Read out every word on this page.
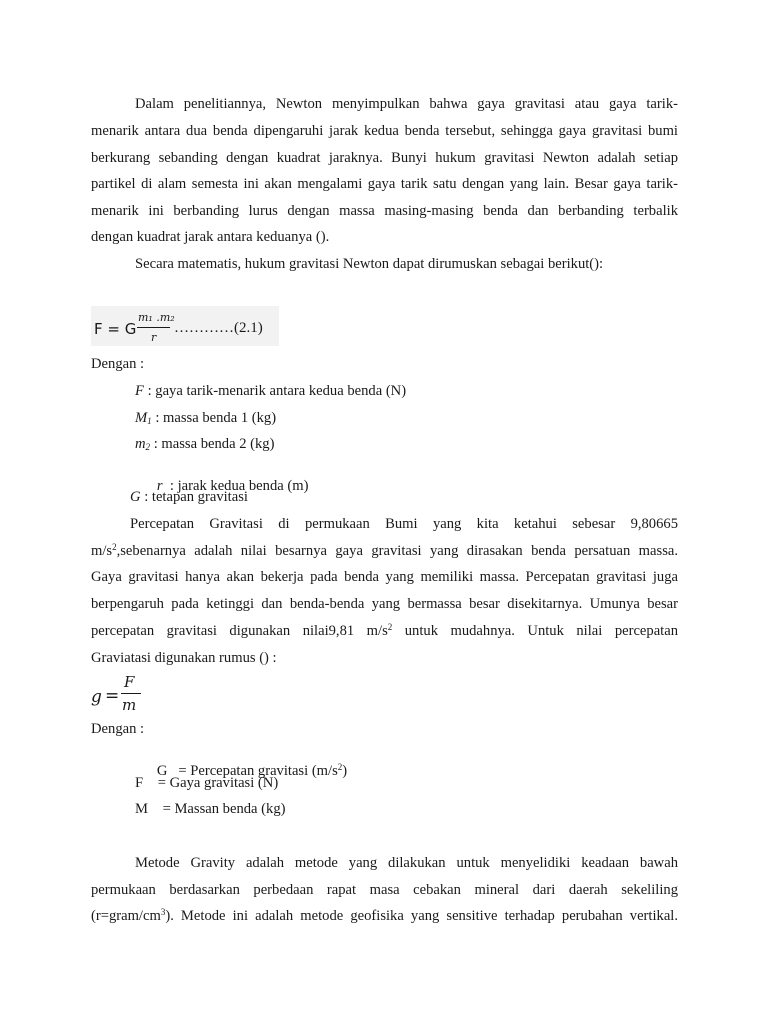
Dalam penelitiannya, Newton menyimpulkan bahwa gaya gravitasi atau gaya tarik-
menarik antara dua benda dipengaruhi jarak kedua benda tersebut, sehingga gaya gravitasi bumi
berkurang sebanding dengan kuadrat jaraknya. Bunyi hukum gravitasi Newton adalah setiap
partikel di alam semesta ini akan mengalami gaya tarik satu dengan yang lain. Besar gaya tarik-
menarik ini berbanding lurus dengan massa masing-masing benda dan berbanding terbalik
dengan kuadrat jarak antara keduanya ().
Secara matematis, hukum gravitasi Newton dapat dirumuskan sebagai berikut():
F = G
m₁ .m₂
r
…………(2.1)
Dengan :
F : gaya tarik-menarik antara kedua benda (N)
$M_1$ : massa benda 1 (kg)
$m_2$ : massa benda 2 (kg)

r  : jarak kedua benda (m)

G : tetapan gravitasi
Percepatan Gravitasi di permukaan Bumi yang kita ketahui sebesar 9,80665
$m/s^2,sebenarnya$ adalah nilai besarnya gaya gravitasi yang dirasakan benda persatuan massa.
Gaya gravitasi hanya akan bekerja pada benda yang memiliki massa. Percepatan gravitasi juga
berpengaruh pada ketinggi dan benda-benda yang bermassa besar disekitarnya. Umunya besar
percepatan gravitasi digunakan nilai9,81 $m/s^2$ untuk mudahnya. Untuk nilai percepatan
Graviatasi digunakan rumus () :
g =
F
m
Dengan :

G   = Percepatan gravitasi $(m/s^2)$

F    = Gaya gravitasi (N)
M    = Massan benda (kg)
Metode Gravity adalah metode yang dilakukan untuk menyelidiki keadaan bawah
permukaan berdasarkan perbedaan rapat masa cebakan mineral dari daerah sekeliling
$(r=gram/cm^3)$. Metode ini adalah metode geofisika yang sensitive terhadap perubahan vertikal.
